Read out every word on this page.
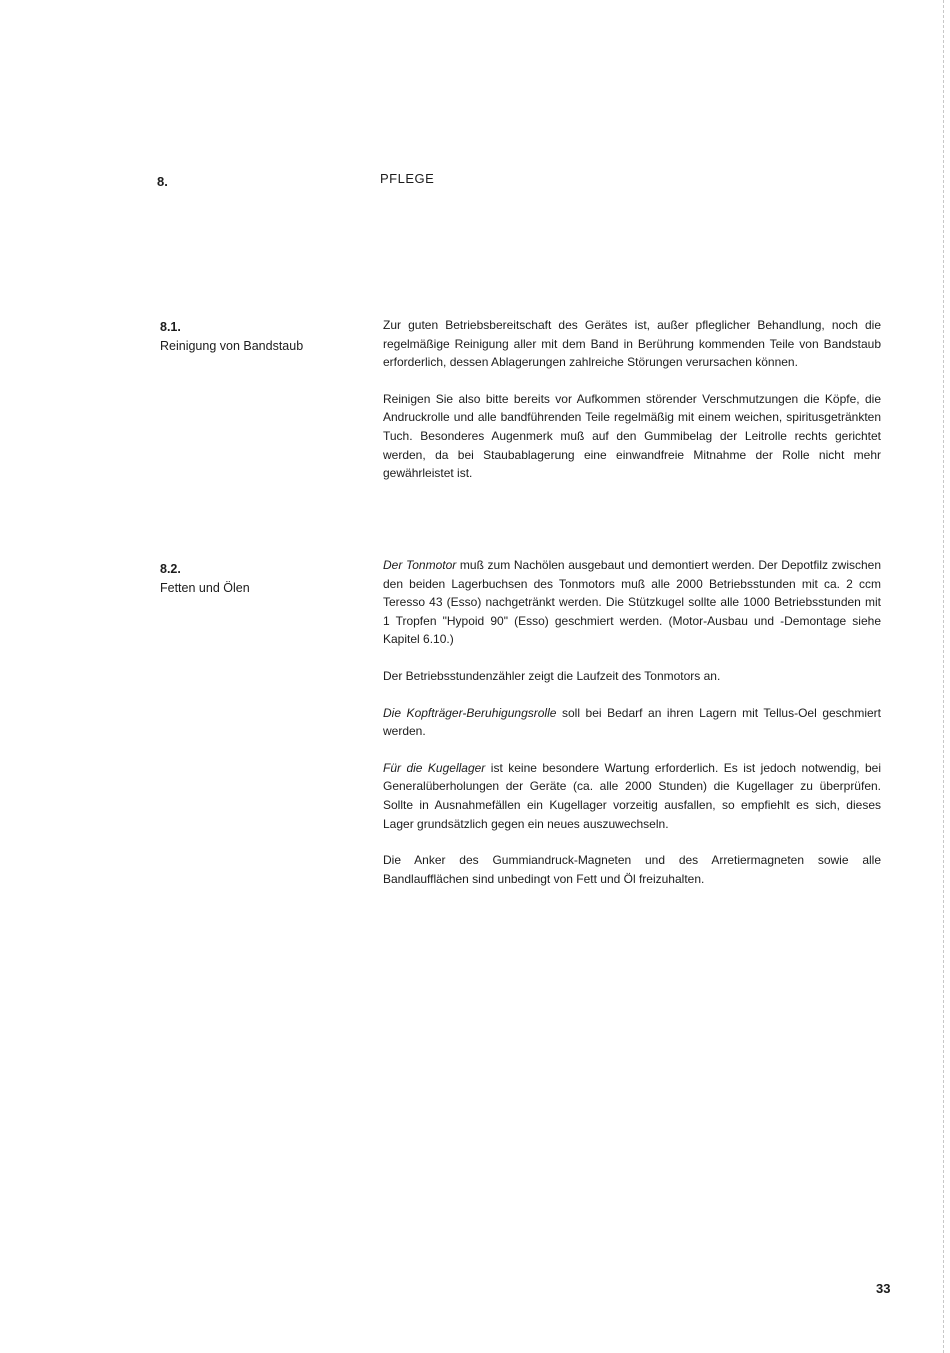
8.	PFLEGE
8.1.
Reinigung von Bandstaub

Zur guten Betriebsbereitschaft des Gerätes ist, außer pfleglicher Behandlung, noch die regelmäßige Reinigung aller mit dem Band in Berührung kommenden Teile von Bandstaub erforderlich, dessen Ablagerungen zahlreiche Störungen verursachen können.

Reinigen Sie also bitte bereits vor Aufkommen störender Verschmutzungen die Köpfe, die Andruckrolle und alle bandführenden Teile regelmäßig mit einem weichen, spiritusgetränkten Tuch. Besonderes Augenmerk muß auf den Gummibelag der Leitrolle rechts gerichtet werden, da bei Staubablagerung eine einwandfreie Mitnahme der Rolle nicht mehr gewährleistet ist.

8.2.
Fetten und Ölen

Der Tonmotor muß zum Nachölen ausgebaut und demontiert werden. Der Depotfilz zwischen den beiden Lagerbuchsen des Tonmotors muß alle 2000 Betriebsstunden mit ca. 2 ccm Teresso 43 (Esso) nachgetränkt werden. Die Stützkugel sollte alle 1000 Betriebsstunden mit 1 Tropfen "Hypoid 90" (Esso) geschmiert werden. (Motor-Ausbau und -Demontage siehe Kapitel 6.10.)

Der Betriebsstundenzähler zeigt die Laufzeit des Tonmotors an.

Die Kopfträger-Beruhigungsrolle soll bei Bedarf an ihren Lagern mit Tellus-Oel geschmiert werden.

Für die Kugellager ist keine besondere Wartung erforderlich. Es ist jedoch notwendig, bei Generalüberholungen der Geräte (ca. alle 2000 Stunden) die Kugellager zu überprüfen. Sollte in Ausnahmefällen ein Kugellager vorzeitig ausfallen, so empfiehlt es sich, dieses Lager grundsätzlich gegen ein neues auszuwechseln.

Die Anker des Gummiandruck-Magneten und des Arretiermagneten sowie alle Bandlaufflächen sind unbedingt von Fett und Öl freizuhalten.

33
